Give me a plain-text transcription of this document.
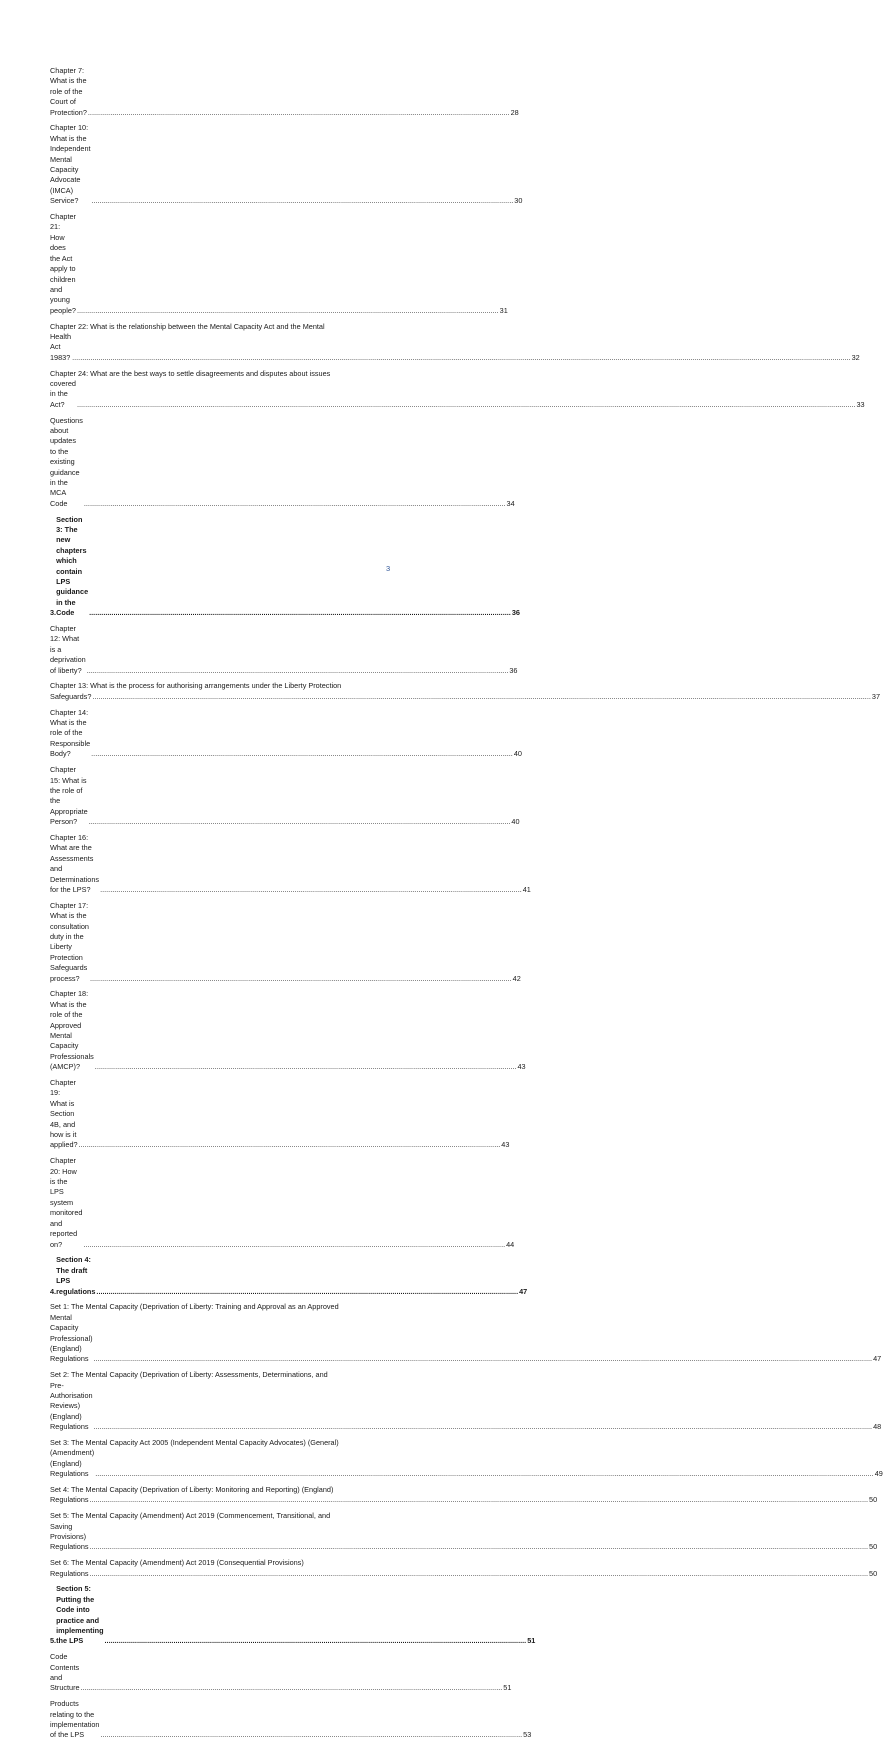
Chapter 7: What is the role of the Court of Protection? .....	28
Chapter 10: What is the Independent Mental Capacity Advocate (IMCA) Service? .....	30
Chapter 21: How does the Act apply to children and young people? .....	31
Chapter 22: What is the relationship between the Mental Capacity Act and the Mental
Health Act 1983?	..... ................................................................................................................................................................................ 32
Chapter 24: What are the best ways to settle disagreements and disputes about issues
covered in the Act?	..... ................................................................................................................................................................................ 33
Questions about updates to the existing guidance in the MCA Code .....	34
3.
Section 3: The new chapters which contain LPS guidance in the Code .....	36
Chapter 12: What is a deprivation of liberty? .....	36
Chapter 13: What is the process for authorising arrangements under the Liberty Protection
Safeguards?	..... ................................................................................................................................................................................ 37
Chapter 14: What is the role of the Responsible Body? .....	40
Chapter 15: What is the role of the Appropriate Person? .....	40
Chapter 16: What are the Assessments and Determinations for the LPS? .....	41
Chapter 17: What is the consultation duty in the Liberty Protection Safeguards process? .....	42
Chapter 18: What is the role of the Approved Mental Capacity Professionals (AMCP)? .....	43
Chapter 19: What is Section 4B, and how is it applied? .....	43
Chapter 20: How is the LPS system monitored and reported on? .....	44
4.
Section 4: The draft LPS regulations .....	47
Set 1: The Mental Capacity (Deprivation of Liberty: Training and Approval as an Approved
Mental Capacity Professional) (England) Regulations	..... ................................................................................................................................................................................ 47
Set 2: The Mental Capacity (Deprivation of Liberty: Assessments, Determinations, and
Pre-Authorisation Reviews) (England) Regulations	..... ................................................................................................................................................................................ 48
Set 3: The Mental Capacity Act 2005 (Independent Mental Capacity Advocates) (General)
(Amendment) (England) Regulations	..... ................................................................................................................................................................................ 49
Set 4: The Mental Capacity (Deprivation of Liberty: Monitoring and Reporting) (England)
Regulations	..... ................................................................................................................................................................................ 50
Set 5: The Mental Capacity (Amendment) Act 2019 (Commencement, Transitional, and
Saving Provisions) Regulations	..... ................................................................................................................................................................................ 50
Set 6: The Mental Capacity (Amendment) Act 2019 (Consequential Provisions)
Regulations	..... ................................................................................................................................................................................ 50
5.
Section 5: Putting the Code into practice and implementing the LPS .....	51
Code Contents and Structure .....	51
Products relating to the implementation of the LPS .....	53
3
